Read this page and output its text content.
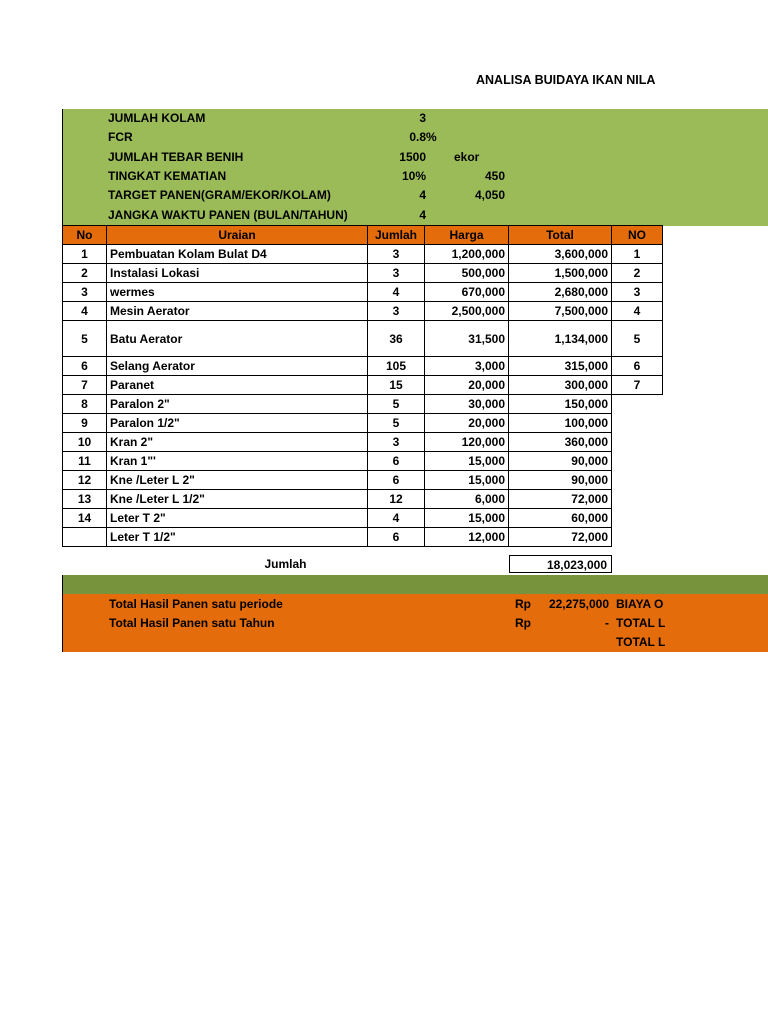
ANALISA BUIDAYA IKAN NILA
JUMLAH KOLAM	3
FCR	0.8 %
JUMLAH TEBAR BENIH	1500 ekor
TINGKAT KEMATIAN	10%	450
TARGET PANEN(GRAM/EKOR/KOLAM)	4	4,050
JANGKA WAKTU PANEN (BULAN/TAHUN)	4
No	Uraian	Jumlah	Harga	Total	NO
1	Pembuatan Kolam Bulat D4	3	1,200,000	3,600,000	1
2	Instalasi Lokasi	3	500,000	1,500,000	2
3	wermes	4	670,000	2,680,000	3
4	Mesin Aerator	3	2,500,000	7,500,000	4
5	Batu Aerator	36	31,500	1,134,000	5
6	Selang Aerator	105	3,000	315,000	6
7	Paranet	15	20,000	300,000	7
8	Paralon 2"	5	30,000	150,000	
9	Paralon 1/2"	5	20,000	100,000	
10	Kran 2"	3	120,000	360,000	
11	Kran 1"'	6	15,000	90,000	
12	Kne /Leter L 2"	6	15,000	90,000	
13	Kne /Leter L 1/2"	12	6,000	72,000	
14	Leter T 2"	4	15,000	60,000	
	Leter T 1/2"	6	12,000	72,000	
Jumlah	18,023,000
Total Hasil Panen satu periode	Rp	22,275,000 BIAYA O
Total Hasil Panen satu Tahun	Rp	- TOTAL L
TOTAL L
